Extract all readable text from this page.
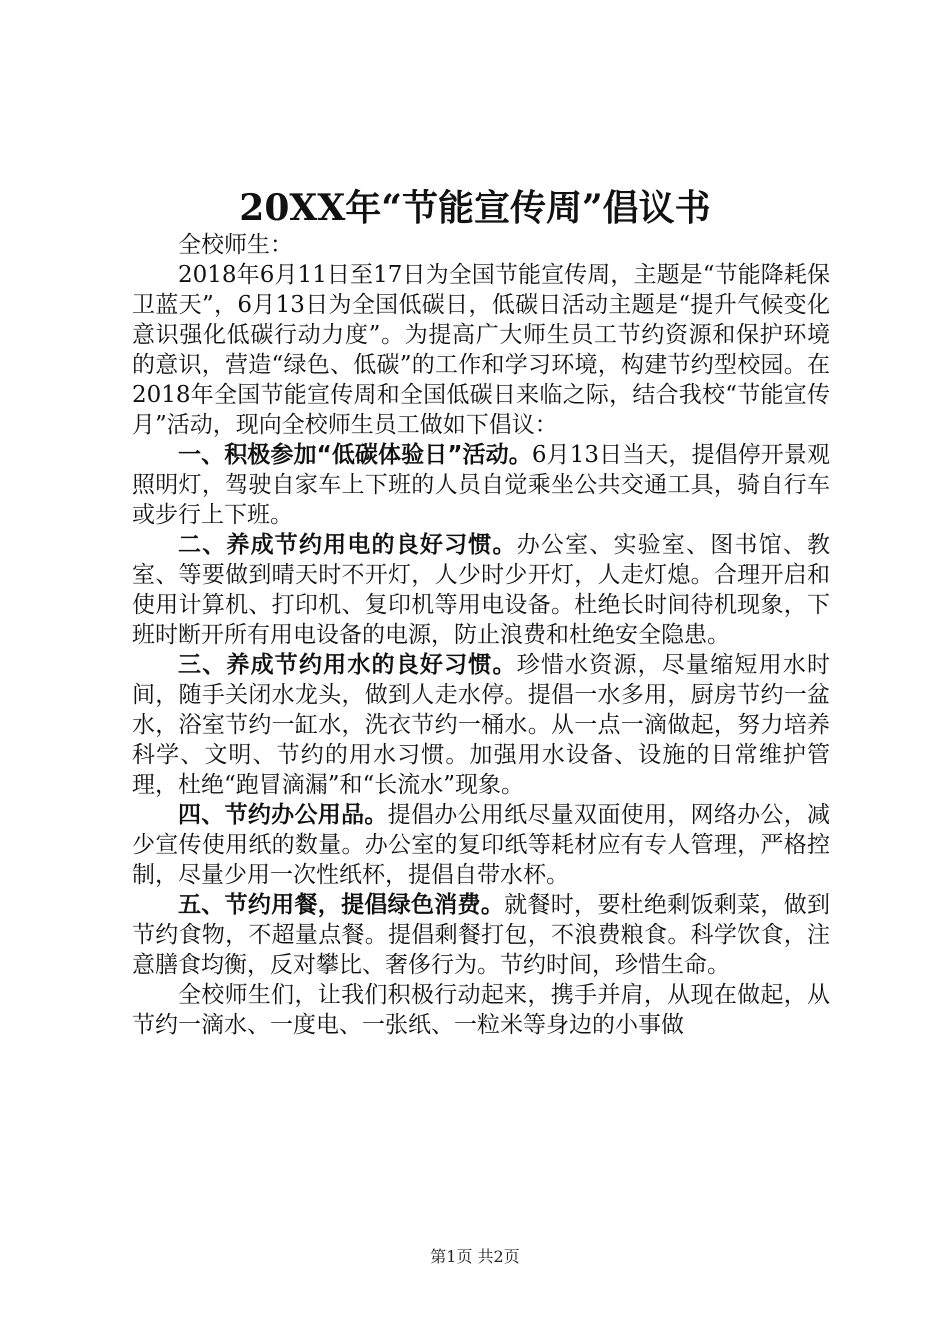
20XX年“节能宣传周”倡议书

全校师生：

2018年6月11日至17日为全国节能宣传周，主题是“节能降耗保卫蓝天”，6月13日为全国低碳日，低碳日活动主题是“提升气候变化意识强化低碳行动力度”。为提高广大师生员工节约资源和保护环境的意识，营造“绿色、低碳”的工作和学习环境，构建节约型校园。在2018年全国节能宣传周和全国低碳日来临之际，结合我校“节能宣传月”活动，现向全校师生员工做如下倡议：

一、积极参加“低碳体验日”活动。6月13日当天，提倡停开景观照明灯，驾驶自家车上下班的人员自觉乘坐公共交通工具，骑自行车或步行上下班。

二、养成节约用电的良好习惯。办公室、实验室、图书馆、教室、等要做到晴天时不开灯，人少时少开灯，人走灯熄。合理开启和使用计算机、打印机、复印机等用电设备。杜绝长时间待机现象，下班时断开所有用电设备的电源，防止浪费和杜绝安全隐患。

三、养成节约用水的良好习惯。珍惜水资源，尽量缩短用水时间，随手关闭水龙头，做到人走水停。提倡一水多用，厨房节约一盆水，浴室节约一缸水，洗衣节约一桶水。从一点一滴做起，努力培养科学、文明、节约的用水习惯。加强用水设备、设施的日常维护管理，杜绝“跑冒滴漏”和“长流水”现象。

四、节约办公用品。提倡办公用纸尽量双面使用，网络办公，减少宣传使用纸的数量。办公室的复印纸等耗材应有专人管理，严格控制，尽量少用一次性纸杯，提倡自带水杯。

五、节约用餐，提倡绿色消费。就餐时，要杜绝剩饭剩菜，做到节约食物，不超量点餐。提倡剩餐打包，不浪费粮食。科学饮食，注意膳食均衡，反对攀比、奢侈行为。节约时间，珍惜生命。

全校师生们，让我们积极行动起来，携手并肩，从现在做起，从节约一滴水、一度电、一张纸、一粒米等身边的小事做

第1页 共2页
